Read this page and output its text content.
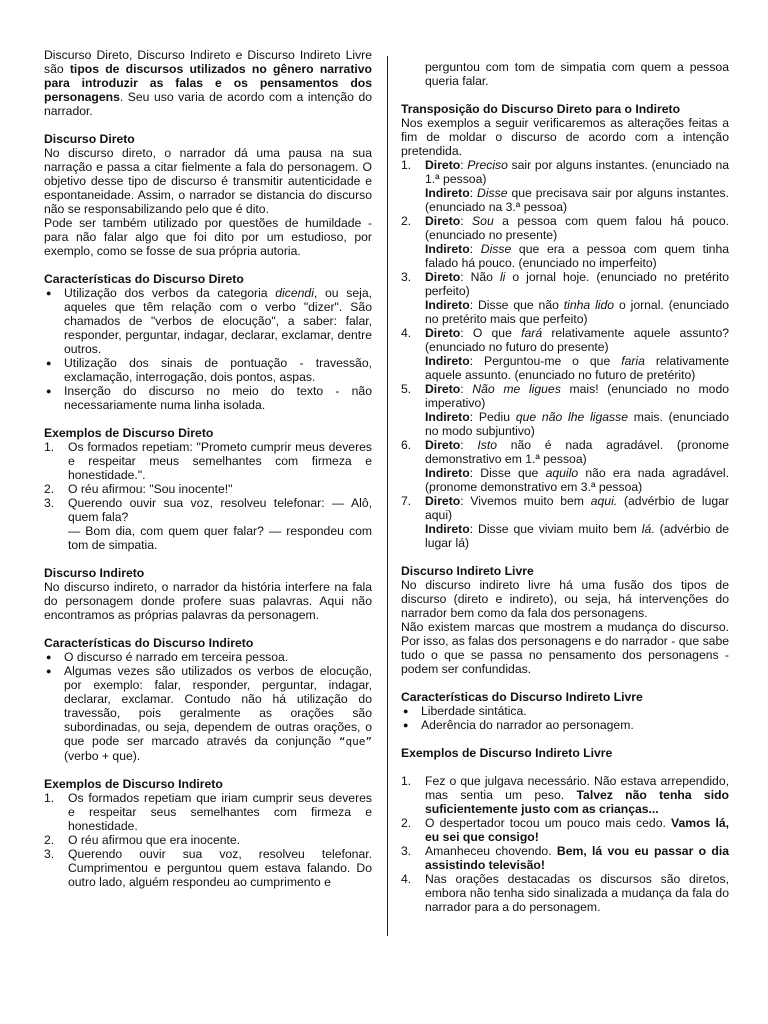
Discurso Direto, Discurso Indireto e Discurso Indireto Livre são tipos de discursos utilizados no gênero narrativo para introduzir as falas e os pensamentos dos personagens. Seu uso varia de acordo com a intenção do narrador.

Discurso Direto

No discurso direto, o narrador dá uma pausa na sua narração e passa a citar fielmente a fala do personagem. O objetivo desse tipo de discurso é transmitir autenticidade e espontaneidade. Assim, o narrador se distancia do discurso não se responsabilizando pelo que é dito.

Pode ser também utilizado por questões de humildade - para não falar algo que foi dito por um estudioso, por exemplo, como se fosse de sua própria autoria.

Características do Discurso Direto
● Utilização dos verbos da categoria dicendi, ou seja, aqueles que têm relação com o verbo "dizer". São chamados de "verbos de elocução", a saber: falar, responder, perguntar, indagar, declarar, exclamar, dentre outros.
● Utilização dos sinais de pontuação - travessão, exclamação, interrogação, dois pontos, aspas.
● Inserção do discurso no meio do texto - não necessariamente numa linha isolada.
Exemplos de Discurso Direto
1. Os formados repetiam: "Prometo cumprir meus deveres e respeitar meus semelhantes com firmeza e honestidade.".
2. O réu afirmou: "Sou inocente!"
3. Querendo ouvir sua voz, resolveu telefonar: — Alô, quem fala?
— Bom dia, com quem quer falar? — respondeu com tom de simpatia.
Discurso Indireto

No discurso indireto, o narrador da história interfere na fala do personagem donde profere suas palavras. Aqui não encontramos as próprias palavras da personagem.

Características do Discurso Indireto
● O discurso é narrado em terceira pessoa.
● Algumas vezes são utilizados os verbos de elocução, por exemplo: falar, responder, perguntar, indagar, declarar, exclamar. Contudo não há utilização do travessão, pois geralmente as orações são subordinadas, ou seja, dependem de outras orações, o que pode ser marcado através da conjunção “que” (verbo + que).
Exemplos de Discurso Indireto
1. Os formados repetiam que iriam cumprir seus deveres e respeitar seus semelhantes com firmeza e honestidade.
2. O réu afirmou que era inocente.
3. Querendo ouvir sua voz, resolveu telefonar. Cumprimentou e perguntou quem estava falando. Do outro lado, alguém respondeu ao cumprimento e

perguntou com tom de simpatia com quem a pessoa queria falar.

Transposição do Discurso Direto para o Indireto

Nos exemplos a seguir verificaremos as alterações feitas a fim de moldar o discurso de acordo com a intenção pretendida.

1. Direto: Preciso sair por alguns instantes. (enunciado na 1.ª pessoa)
Indireto: Disse que precisava sair por alguns instantes. (enunciado na 3.ª pessoa)
2. Direto: Sou a pessoa com quem falou há pouco. (enunciado no presente)
Indireto: Disse que era a pessoa com quem tinha falado há pouco. (enunciado no imperfeito)
3. Direto: Não li o jornal hoje. (enunciado no pretérito perfeito)
Indireto: Disse que não tinha lido o jornal. (enunciado no pretérito mais que perfeito)
4. Direto: O que fará relativamente aquele assunto? (enunciado no futuro do presente)
Indireto: Perguntou-me o que faria relativamente aquele assunto. (enunciado no futuro de pretérito)
5. Direto: Não me ligues mais! (enunciado no modo imperativo)
Indireto: Pediu que não lhe ligasse mais. (enunciado no modo subjuntivo)
6. Direto: Isto não é nada agradável. (pronome demonstrativo em 1.ª pessoa)
Indireto: Disse que aquilo não era nada agradável. (pronome demonstrativo em 3.ª pessoa)
7. Direto: Vivemos muito bem aqui. (advérbio de lugar aqui)
Indireto: Disse que viviam muito bem lá. (advérbio de lugar lá)
Discurso Indireto Livre

No discurso indireto livre há uma fusão dos tipos de discurso (direto e indireto), ou seja, há intervenções do narrador bem como da fala dos personagens.

Não existem marcas que mostrem a mudança do discurso. Por isso, as falas dos personagens e do narrador - que sabe tudo o que se passa no pensamento dos personagens - podem ser confundidas.

Características do Discurso Indireto Livre
● Liberdade sintática.
● Aderência do narrador ao personagem.
Exemplos de Discurso Indireto Livre
1. Fez o que julgava necessário. Não estava arrependido, mas sentia um peso. Talvez não tenha sido suficientemente justo com as crianças...
2. O despertador tocou um pouco mais cedo. Vamos lá, eu sei que consigo!
3. Amanheceu chovendo. Bem, lá vou eu passar o dia assistindo televisão!
4. Nas orações destacadas os discursos são diretos, embora não tenha sido sinalizada a mudança da fala do narrador para a do personagem.
